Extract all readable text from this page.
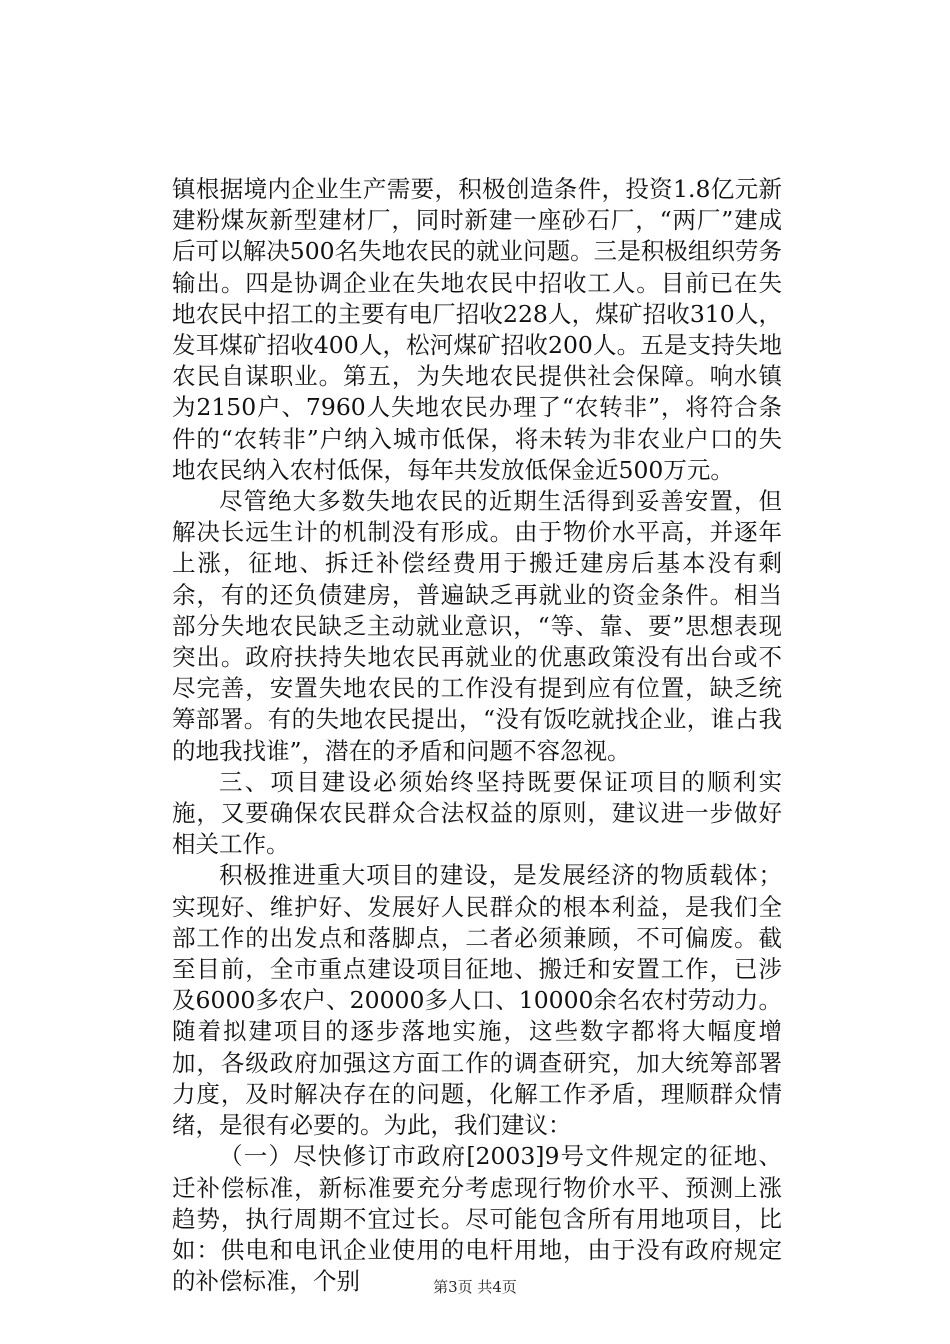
镇根据境内企业生产需要，积极创造条件，投资1.8亿元新建粉煤灰新型建材厂，同时新建一座砂石厂，“两厂”建成后可以解决500名失地农民的就业问题。三是积极组织劳务输出。四是协调企业在失地农民中招收工人。目前已在失地农民中招工的主要有电厂招收228人，煤矿招收310人，发耳煤矿招收400人，松河煤矿招收200人。五是支持失地农民自谋职业。第五，为失地农民提供社会保障。响水镇为2150户、7960人失地农民办理了“农转非”，将符合条件的“农转非”户纳入城市低保，将未转为非农业户口的失地农民纳入农村低保，每年共发放低保金近500万元。

尽管绝大多数失地农民的近期生活得到妥善安置，但解决长远生计的机制没有形成。由于物价水平高，并逐年上涨，征地、拆迁补偿经费用于搬迁建房后基本没有剩余，有的还负债建房，普遍缺乏再就业的资金条件。相当部分失地农民缺乏主动就业意识，“等、靠、要”思想表现突出。政府扶持失地农民再就业的优惠政策没有出台或不尽完善，安置失地农民的工作没有提到应有位置，缺乏统筹部署。有的失地农民提出，“没有饭吃就找企业，谁占我的地我找谁”，潜在的矛盾和问题不容忽视。

三、项目建设必须始终坚持既要保证项目的顺利实施，又要确保农民群众合法权益的原则，建议进一步做好相关工作。

积极推进重大项目的建设，是发展经济的物质载体；实现好、维护好、发展好人民群众的根本利益，是我们全部工作的出发点和落脚点，二者必须兼顾，不可偏废。截至目前，全市重点建设项目征地、搬迁和安置工作，已涉及6000多农户、20000多人口、10000余名农村劳动力。随着拟建项目的逐步落地实施，这些数字都将大幅度增加，各级政府加强这方面工作的调查研究，加大统筹部署力度，及时解决存在的问题，化解工作矛盾，理顺群众情绪，是很有必要的。为此，我们建议：

（一）尽快修订市政府[2003]9号文件规定的征地、迁补偿标准，新标准要充分考虑现行物价水平、预测上涨趋势，执行周期不宜过长。尽可能包含所有用地项目，比如：供电和电讯企业使用的电杆用地，由于没有政府规定的补偿标准，个别	第3页 共4页
